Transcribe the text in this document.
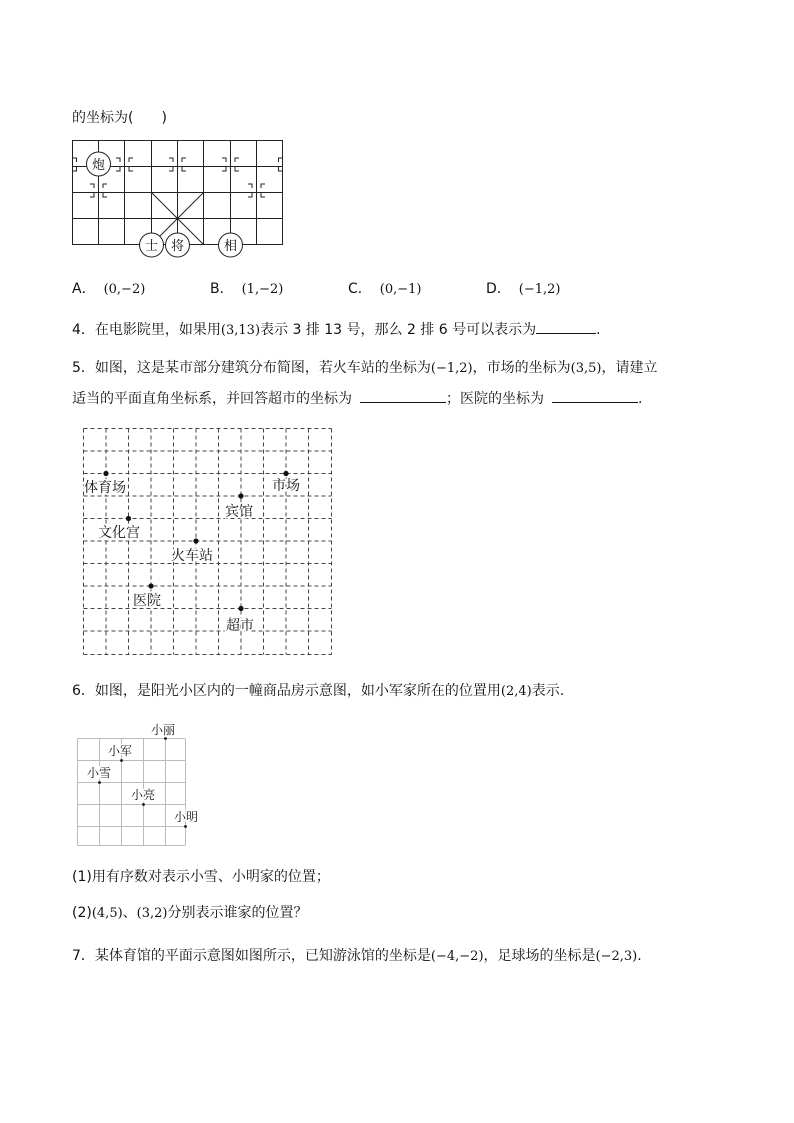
的坐标为(　　)
炮
士 将	相
A． (0,−2)	B． (1,−2)	C． (0,−1)	D． (−1,2)
4．在电影院里，如果用(3,13)表示 3 排 13 号，那么 2 排 6 号可以表示为	.
5．如图，这是某市部分建筑分布简图，若火车站的坐标为(−1,2)，市场的坐标为(3,5)，请建立
适当的平面直角坐标系，并回答超市的坐标为	；医院的坐标为	.
体育场	市场
宾馆
文化宫
火车站
医院
超市
6．如图，是阳光小区内的一幢商品房示意图，如小军家所在的位置用(2,4)表示.
小丽
小军
小雪
小亮
小明
(1)用有序数对表示小雪、小明家的位置；
(2)(4,5)、(3,2)分别表示谁家的位置？
7．某体育馆的平面示意图如图所示，已知游泳馆的坐标是(−4,−2)，足球场的坐标是(−2,3).
